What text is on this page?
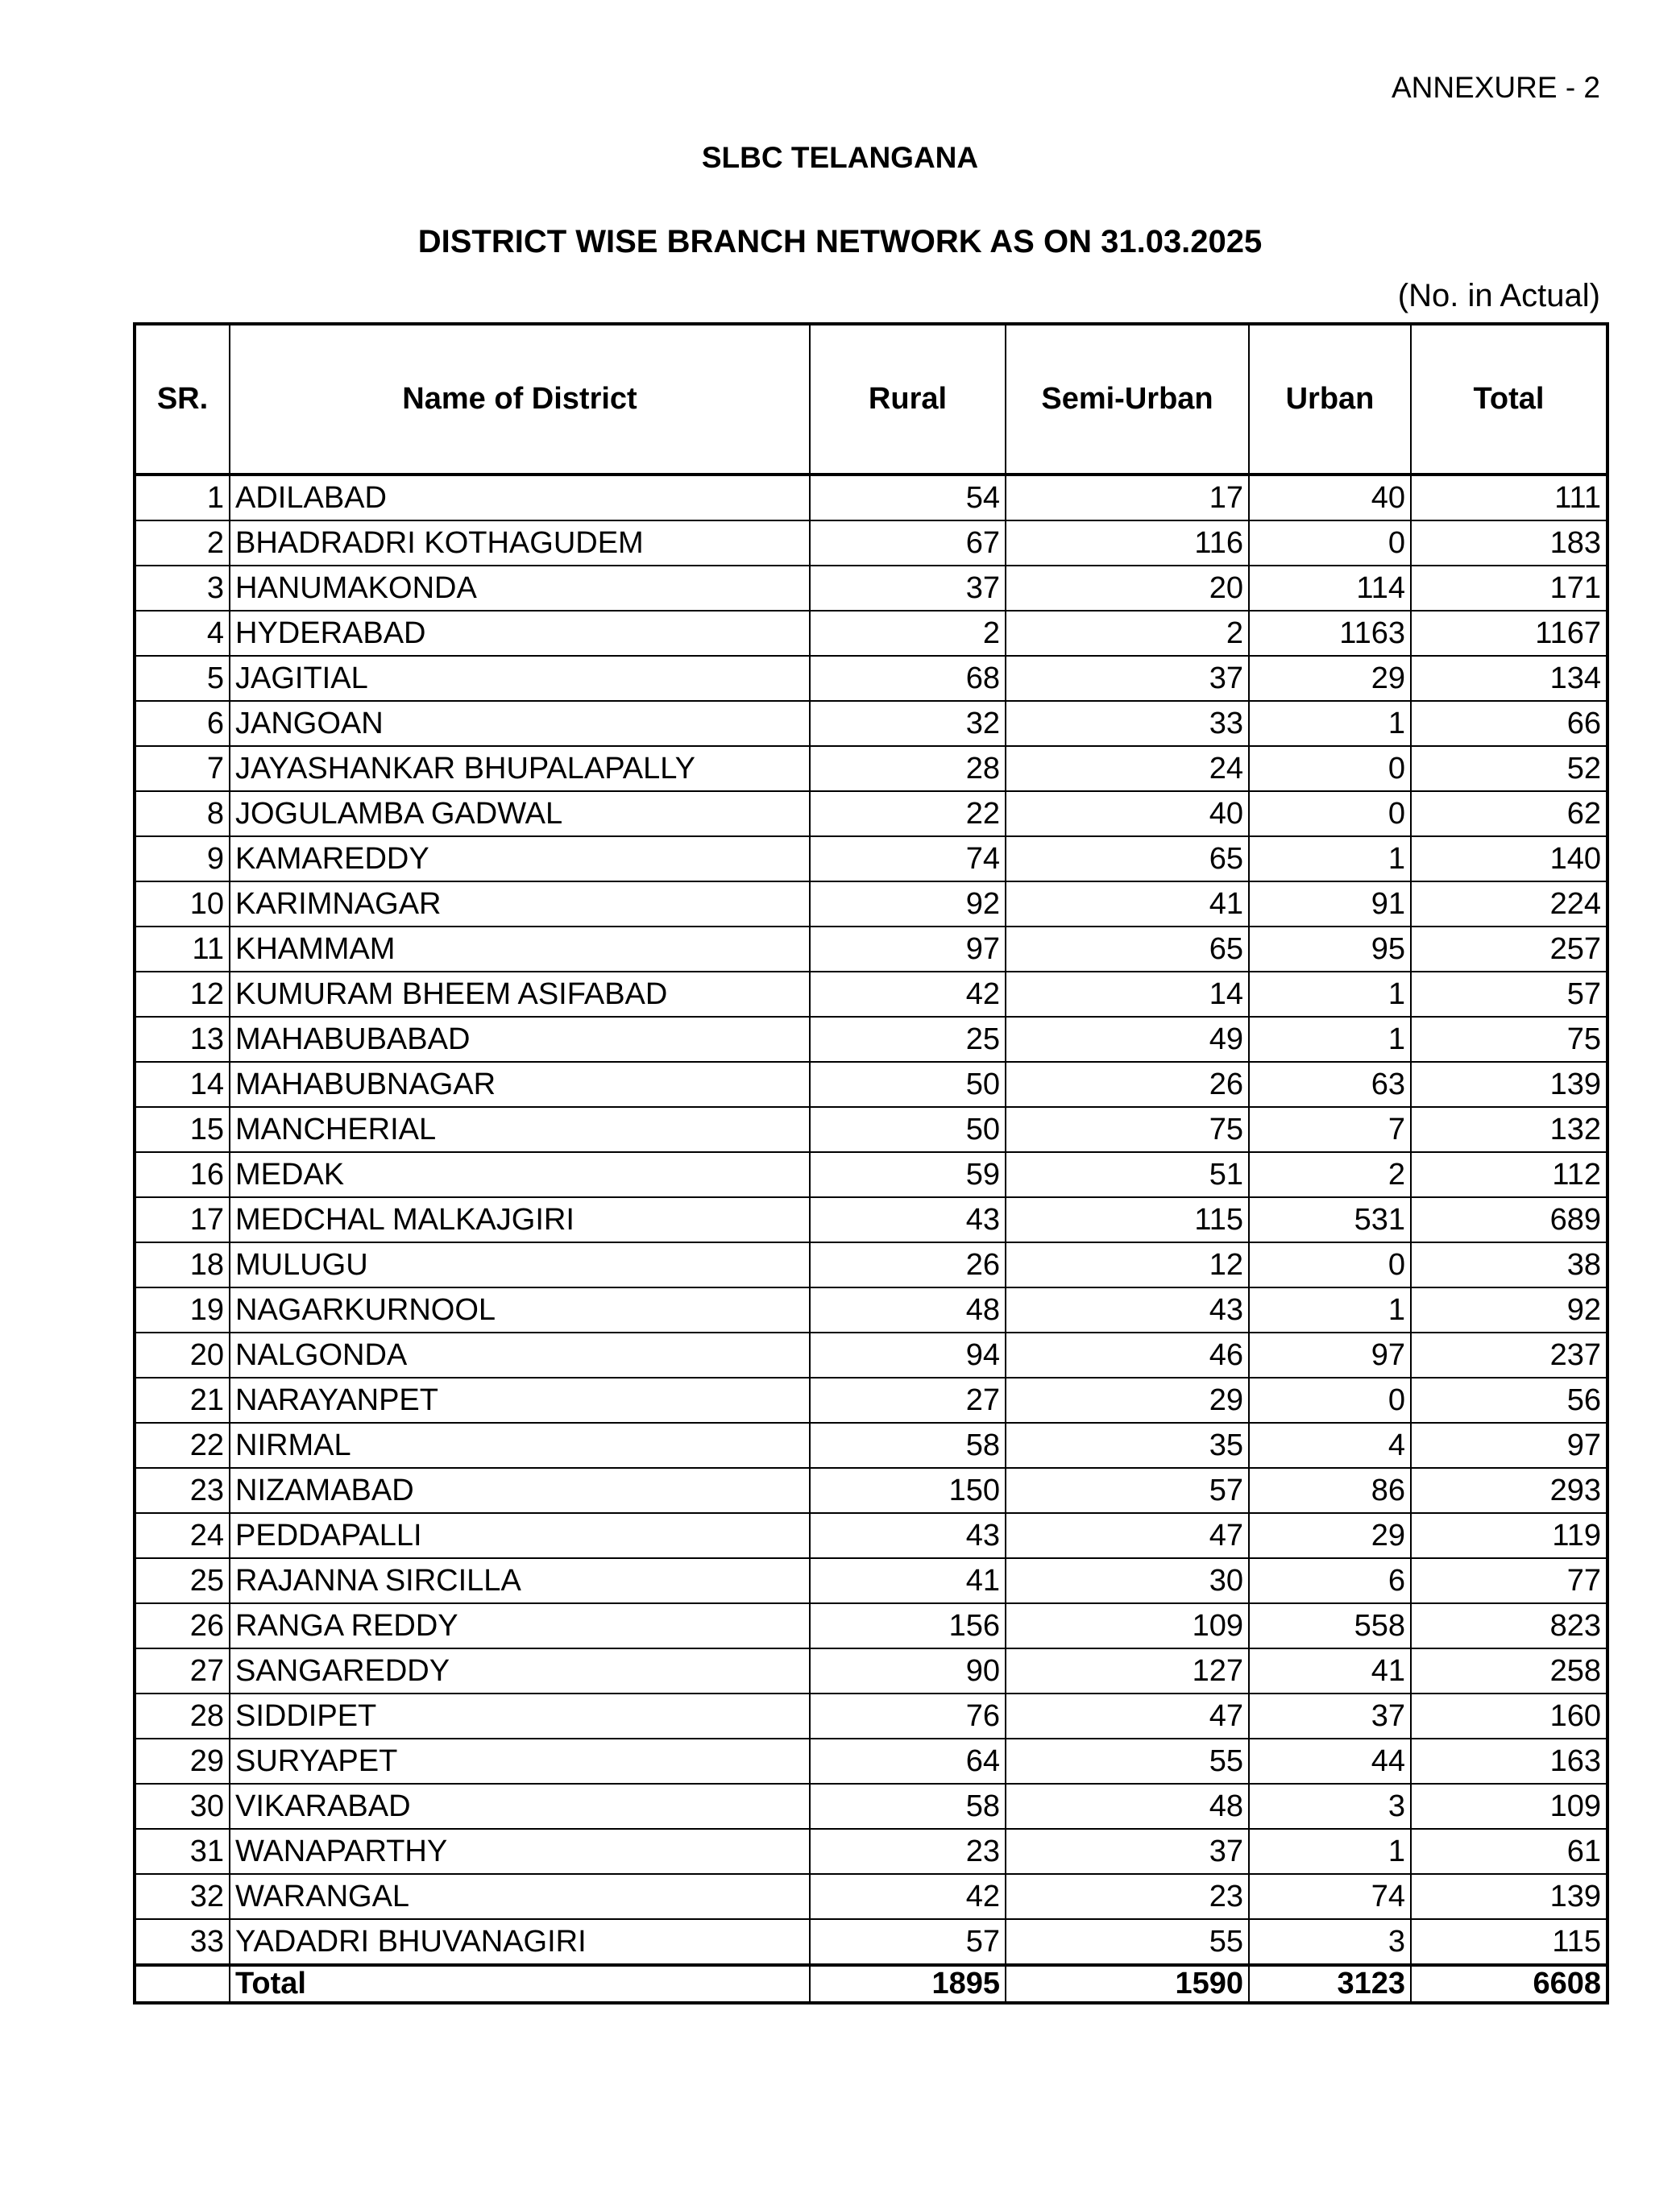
ANNEXURE - 2
SLBC TELANGANA
DISTRICT WISE BRANCH NETWORK AS ON 31.03.2025
(No. in Actual)
SR.	Name of District	Rural	Semi-Urban	Urban	Total
1	ADILABAD	54	17	40	111
2	BHADRADRI KOTHAGUDEM	67	116	0	183
3	HANUMAKONDA	37	20	114	171
4	HYDERABAD	2	2	1163	1167
5	JAGITIAL	68	37	29	134
6	JANGOAN	32	33	1	66
7	JAYASHANKAR BHUPALAPALLY	28	24	0	52
8	JOGULAMBA GADWAL	22	40	0	62
9	KAMAREDDY	74	65	1	140
10	KARIMNAGAR	92	41	91	224
11	KHAMMAM	97	65	95	257
12	KUMURAM BHEEM ASIFABAD	42	14	1	57
13	MAHABUBABAD	25	49	1	75
14	MAHABUBNAGAR	50	26	63	139
15	MANCHERIAL	50	75	7	132
16	MEDAK	59	51	2	112
17	MEDCHAL MALKAJGIRI	43	115	531	689
18	MULUGU	26	12	0	38
19	NAGARKURNOOL	48	43	1	92
20	NALGONDA	94	46	97	237
21	NARAYANPET	27	29	0	56
22	NIRMAL	58	35	4	97
23	NIZAMABAD	150	57	86	293
24	PEDDAPALLI	43	47	29	119
25	RAJANNA SIRCILLA	41	30	6	77
26	RANGA REDDY	156	109	558	823
27	SANGAREDDY	90	127	41	258
28	SIDDIPET	76	47	37	160
29	SURYAPET	64	55	44	163
30	VIKARABAD	58	48	3	109
31	WANAPARTHY	23	37	1	61
32	WARANGAL	42	23	74	139
33	YADADRI BHUVANAGIRI	57	55	3	115
	Total	1895	1590	3123	6608
